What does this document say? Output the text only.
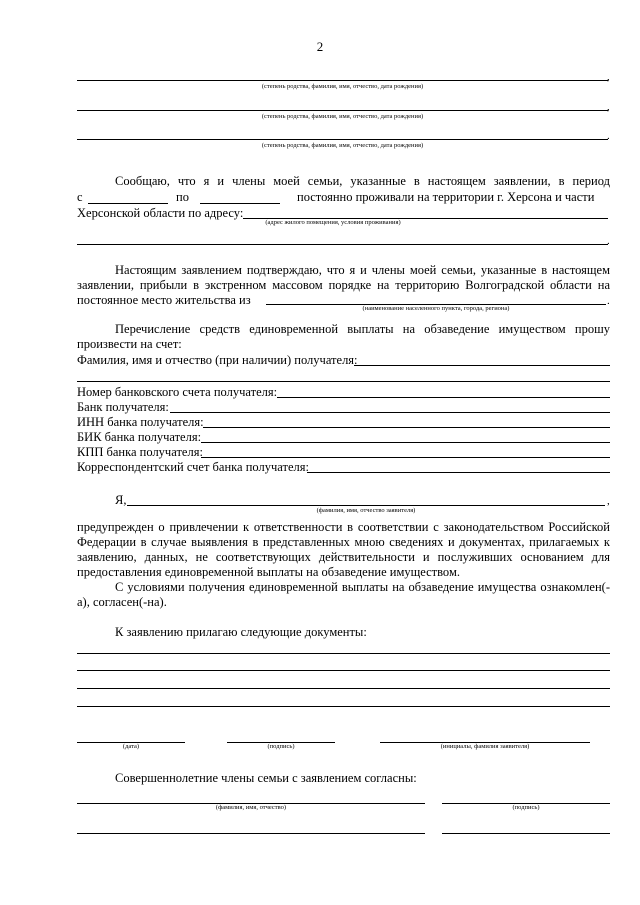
2
,
(степень родства, фамилия, имя, отчество, дата рождения)
,
(степень родства, фамилия, имя, отчество, дата рождения)
.
(степень родства, фамилия, имя, отчество, дата рождения)
Сообщаю, что я и члены моей семьи, указанные в настоящем заявлении, в период
с	по	постоянно проживали на территории г. Херсона и части
Херсонской области по адресу:
(адрес жилого помещения, условия проживания)
.
Настоящим заявлением подтверждаю, что я и члены моей семьи, указанные в настоящем заявлении, прибыли в экстренном массовом порядке на территорию Волгоградской области на постоянное место жительства из	.
(наименование населенного пункта, города, региона)
Перечисление средств единовременной выплаты на обзаведение имуществом прошу произвести на счет:
Фамилия, имя и отчество (при наличии) получателя:
Номер банковского счета получателя:
Банк получателя:
ИНН банка получателя:
БИК банка получателя:
КПП банка получателя:
Корреспондентский счет банка получателя:
Я,	,
(фамилия, имя, отчество заявителя)
предупрежден о привлечении к ответственности в соответствии с законодательством Российской Федерации в случае выявления в представленных мною сведениях и документах, прилагаемых к заявлению, данных, не соответствующих действительности и послуживших основанием для предоставления единовременной выплаты на обзаведение имуществом.
С условиями получения единовременной выплаты на обзаведение имущества ознакомлен(-а), согласен(-на).
К заявлению прилагаю следующие документы:
(дата)	(подпись)	(инициалы, фамилия заявителя)
Совершеннолетние члены семьи с заявлением согласны:
(фамилия, имя, отчество)	(подпись)
